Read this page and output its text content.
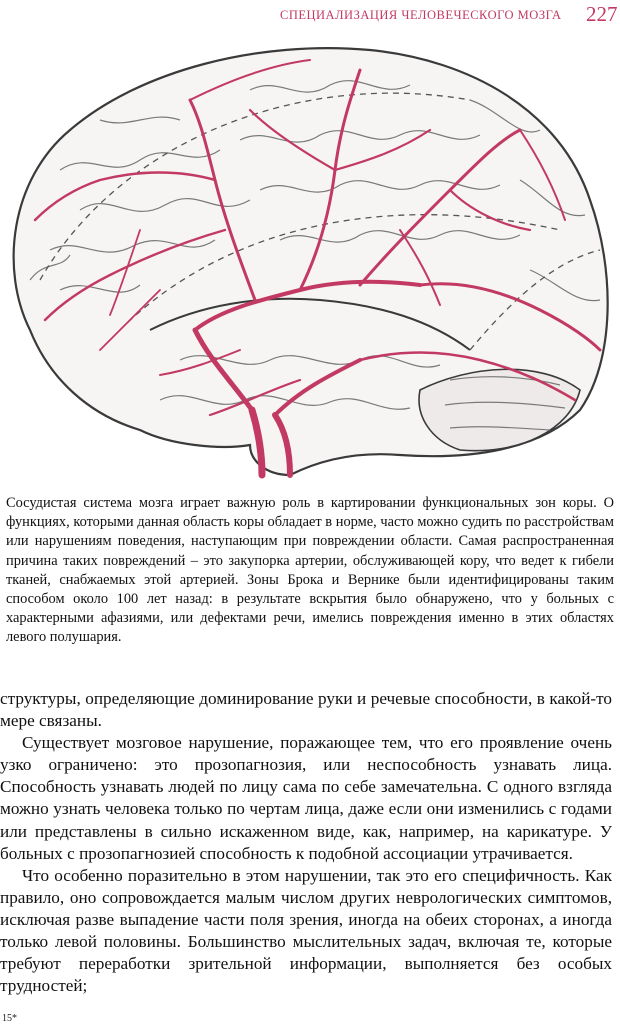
СПЕЦИАЛИЗАЦИЯ ЧЕЛОВЕЧЕСКОГО МОЗГА 227

Сосудистая система мозга играет важную роль в картировании функциональных зон коры. О функциях, которыми данная область коры обладает в норме, часто можно судить по расстройствам или нарушениям поведения, наступающим при повреждении области. Самая распространенная причина таких повреждений – это закупорка артерии, обслуживающей кору, что ведет к гибели тканей, снабжаемых этой артерией. Зоны Брока и Вернике были идентифицированы таким способом около 100 лет назад: в результате вскрытия было обнаружено, что у больных с характерными афазиями, или дефектами речи, имелись повреждения именно в этих областях левого полушария.

структуры, определяющие доминирование руки и речевые способности, в какой-то мере связаны.

Существует мозговое нарушение, поражающее тем, что его проявление очень узко ограничено: это прозопагнозия, или неспособность узнавать лица. Способность узнавать людей по лицу сама по себе замечательна. С одного взгляда можно узнать человека только по чертам лица, даже если они изменились с годами или представлены в сильно искаженном виде, как, например, на карикатуре. У больных с прозопагнозией способность к подобной ассоциации утрачивается.

Что особенно поразительно в этом нарушении, так это его специфичность. Как правило, оно сопровождается малым числом других неврологических симптомов, исключая разве выпадение части поля зрения, иногда на обеих сторонах, а иногда только левой половины. Большинство мыслительных задач, включая те, которые требуют переработки зрительной информации, выполняется без особых трудностей;

15*
